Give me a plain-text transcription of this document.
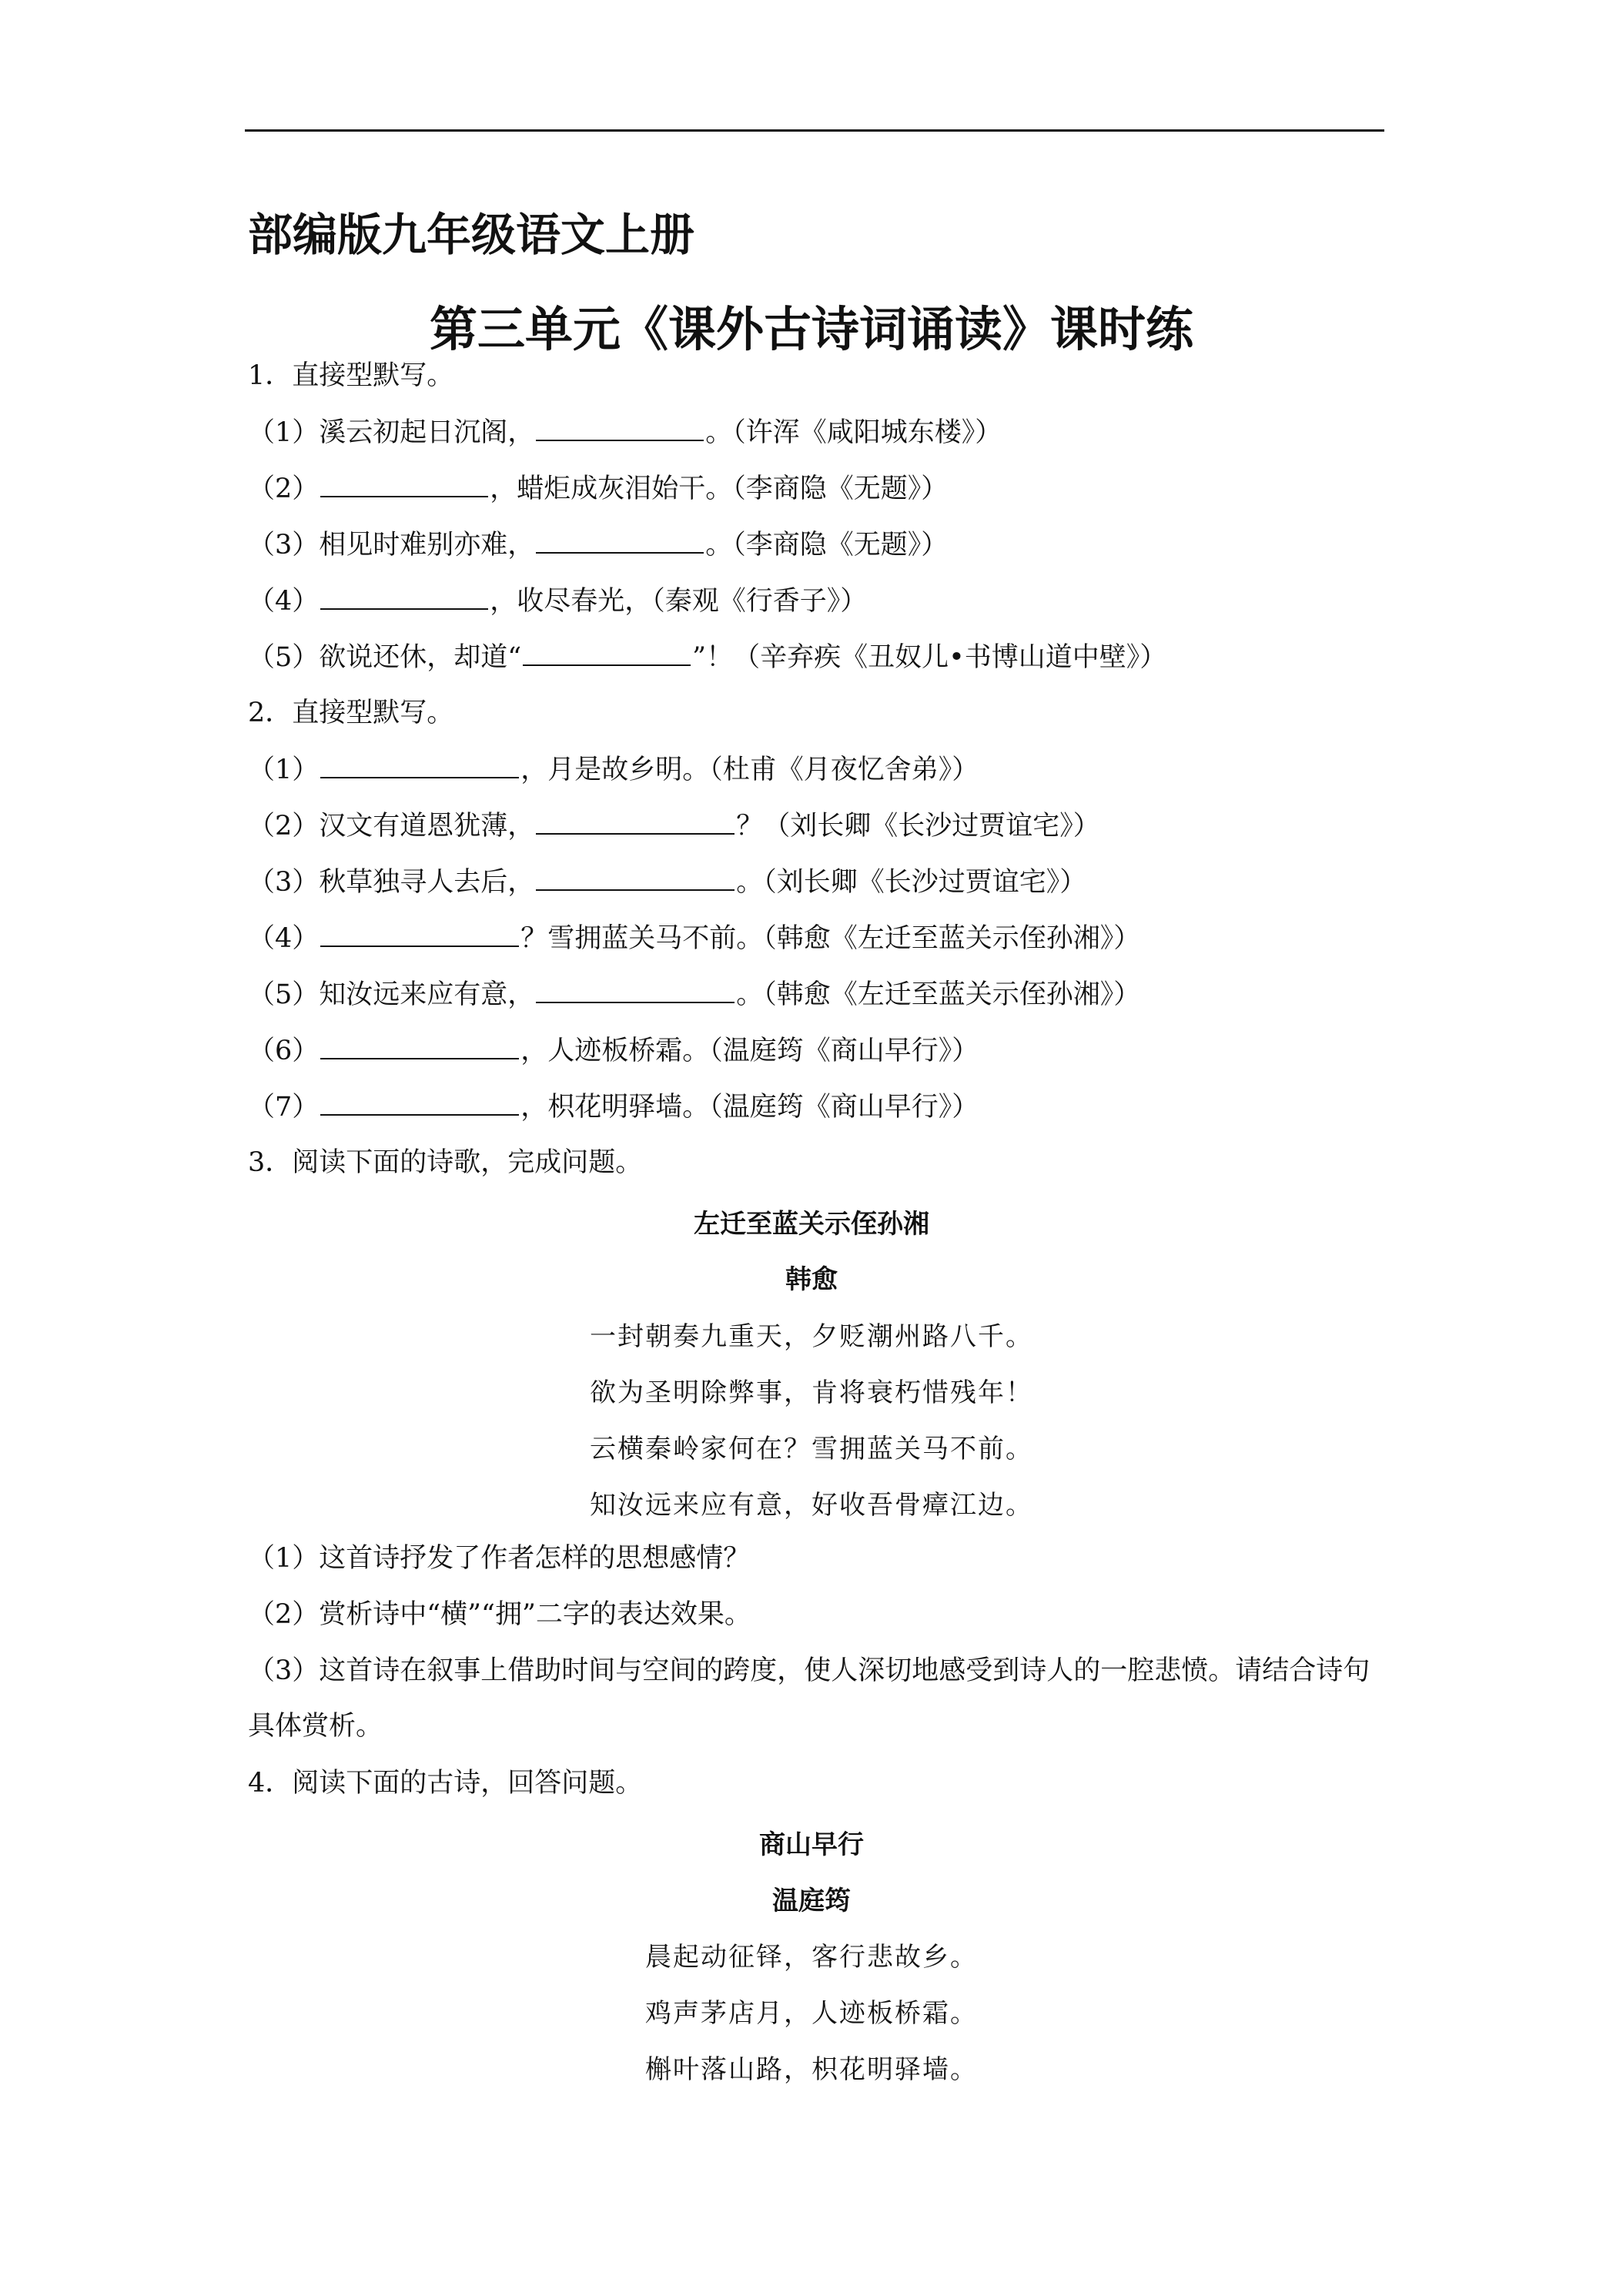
部编版九年级语文上册
第三单元《课外古诗词诵读》课时练
1．直接型默写。
（1）溪云初起日沉阁，	。（许浑《咸阳城东楼》）
（2）	，蜡炬成灰泪始干。（李商隐《无题》）
（3）相见时难别亦难，	。（李商隐《无题》）
（4）	，收尽春光，（秦观《行香子》）
（5）欲说还休，却道“	”！（辛弃疾《丑奴儿•书博山道中壁》）
2．直接型默写。
（1）	，月是故乡明。（杜甫《月夜忆舍弟》）
（2）汉文有道恩犹薄，	？（刘长卿《长沙过贾谊宅》）
（3）秋草独寻人去后，	。（刘长卿《长沙过贾谊宅》）
（4）	？雪拥蓝关马不前。（韩愈《左迁至蓝关示侄孙湘》）
（5）知汝远来应有意，	。（韩愈《左迁至蓝关示侄孙湘》）
（6）	，人迹板桥霜。（温庭筠《商山早行》）
（7）	，枳花明驿墙。（温庭筠《商山早行》）
3．阅读下面的诗歌，完成问题。
左迁至蓝关示侄孙湘
韩愈
一封朝奏九重天，夕贬潮州路八千。
欲为圣明除弊事，肯将衰朽惜残年！
云横秦岭家何在？雪拥蓝关马不前。
知汝远来应有意，好收吾骨瘴江边。
（1）这首诗抒发了作者怎样的思想感情？
（2）赏析诗中“横”“拥”二字的表达效果。
（3）这首诗在叙事上借助时间与空间的跨度，使人深切地感受到诗人的一腔悲愤。请结合诗句具体赏析。
4．阅读下面的古诗，回答问题。
商山早行
温庭筠
晨起动征铎，客行悲故乡。
鸡声茅店月，人迹板桥霜。
槲叶落山路，枳花明驿墙。
